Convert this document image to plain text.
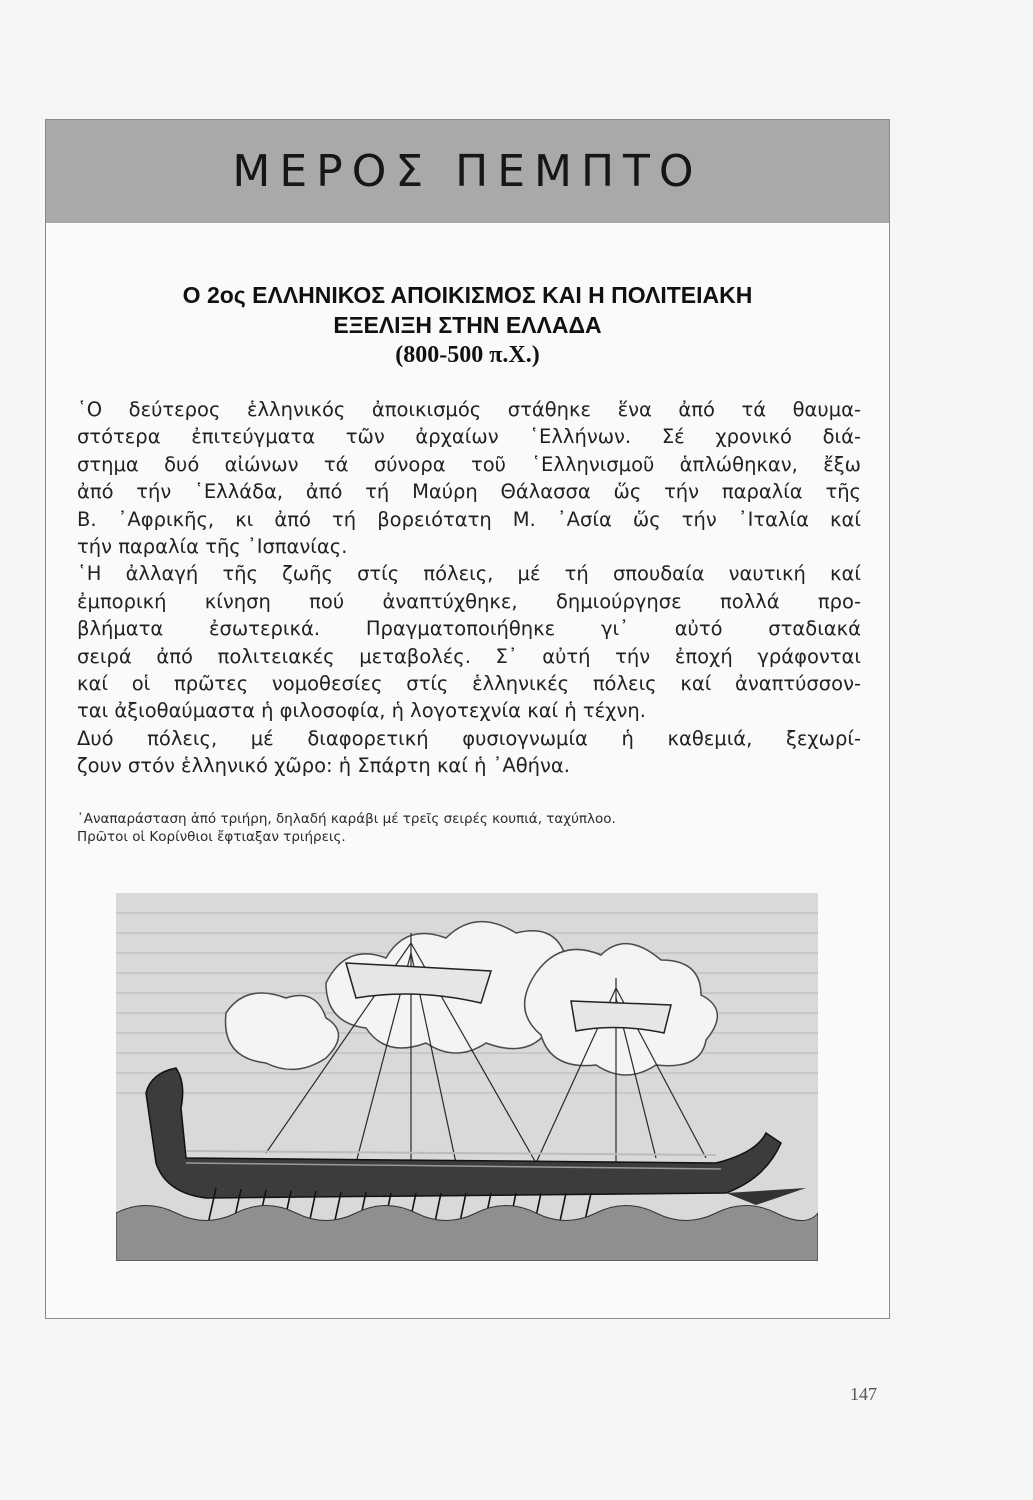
ΜΕΡΟΣ ΠΕΜΠΤΟ
Ο 2ος ΕΛΛΗΝΙΚΟΣ ΑΠΟΙΚΙΣΜΟΣ ΚΑΙ Η ΠΟΛΙΤΕΙΑΚΗ
ΕΞΕΛΙΞΗ ΣΤΗΝ ΕΛΛΑΔΑ
(800-500 π.Χ.)

῾Ο δεύτερος ἑλληνικός ἀποικισμός στάθηκε ἕνα ἀπό τά θαυμα-

στότερα ἐπιτεύγματα τῶν ἀρχαίων ῾Ελλήνων. Σέ χρονικό διά-

στημα δυό αἰώνων τά σύνορα τοῦ ῾Ελληνισμοῦ ἁπλώθηκαν, ἔξω

ἀπό τήν ῾Ελλάδα, ἀπό τή Μαύρη Θάλασσα ὥς τήν παραλία τῆς

Β. ᾿Αφρικῆς, κι ἀπό τή βορειότατη Μ. ᾿Ασία ὥς τήν ᾿Ιταλία καί

τήν παραλία τῆς ᾿Ισπανίας.

῾Η ἀλλαγή τῆς ζωῆς στίς πόλεις, μέ τή σπουδαία ναυτική καί

ἐμπορική κίνηση πού ἀναπτύχθηκε, δημιούργησε πολλά προ-

βλήματα ἐσωτερικά. Πραγματοποιήθηκε γι᾿ αὐτό σταδιακά

σειρά ἀπό πολιτειακές μεταβολές. Σ᾿ αὐτή τήν ἐποχή γράφονται

καί οἱ πρῶτες νομοθεσίες στίς ἑλληνικές πόλεις καί ἀναπτύσσον-

ται ἀξιοθαύμαστα ἡ φιλοσοφία, ἡ λογοτεχνία καί ἡ τέχνη.

Δυό πόλεις, μέ διαφορετική φυσιογνωμία ἡ καθεμιά, ξεχωρί-

ζουν στόν ἑλληνικό χῶρο: ἡ Σπάρτη καί ἡ ᾿Αθήνα.

᾿Αναπαράσταση ἀπό τριήρη, δηλαδή καράβι μέ τρεῖς σειρές κουπιά, ταχύπλοο.

Πρῶτοι οἱ Κορίνθιοι ἔφτιαξαν τριήρεις.

147
